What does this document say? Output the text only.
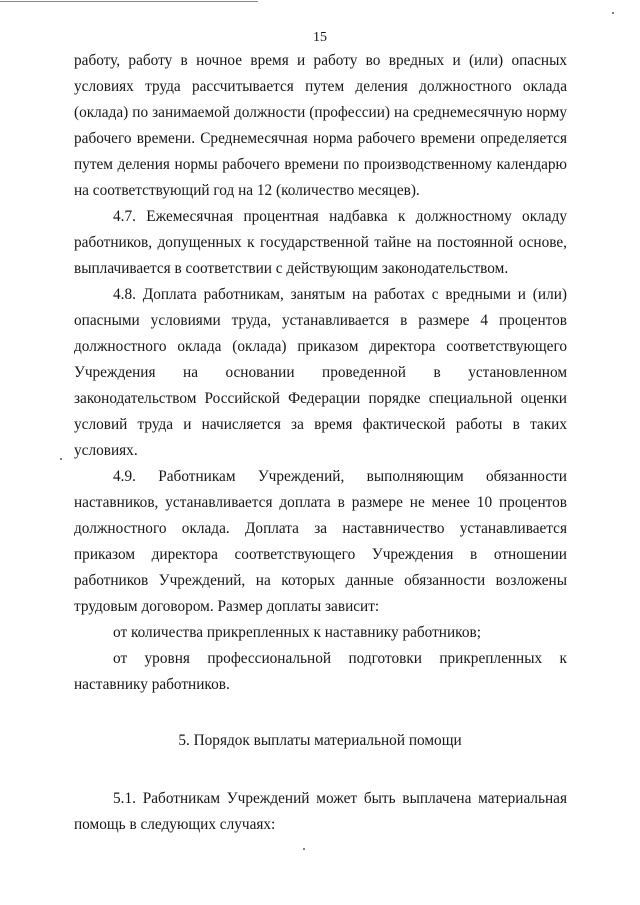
15

работу, работу в ночное время и работу во вредных и (или) опасных условиях труда рассчитывается путем деления должностного оклада (оклада) по занимаемой должности (профессии) на среднемесячную норму рабочего времени. Среднемесячная норма рабочего времени определяется путем деления нормы рабочего времени по производственному календарю на соответствующий год на 12 (количество месяцев).

4.7. Ежемесячная процентная надбавка к должностному окладу работников, допущенных к государственной тайне на постоянной основе, выплачивается в соответствии с действующим законодательством.

4.8. Доплата работникам, занятым на работах с вредными и (или) опасными условиями труда, устанавливается в размере 4 процентов должностного оклада (оклада) приказом директора соответствующего Учреждения на основании проведенной в установленном законодательством Российской Федерации порядке специальной оценки условий труда и начисляется за время фактической работы в таких условиях.

4.9. Работникам Учреждений, выполняющим обязанности наставников, устанавливается доплата в размере не менее 10 процентов должностного оклада. Доплата за наставничество устанавливается приказом директора соответствующего Учреждения в отношении работников Учреждений, на которых данные обязанности возложены трудовым договором. Размер доплаты зависит:

от количества прикрепленных к наставнику работников;

от уровня профессиональной подготовки прикрепленных к наставнику работников.

5. Порядок выплаты материальной помощи

5.1. Работникам Учреждений может быть выплачена материальная помощь в следующих случаях:
